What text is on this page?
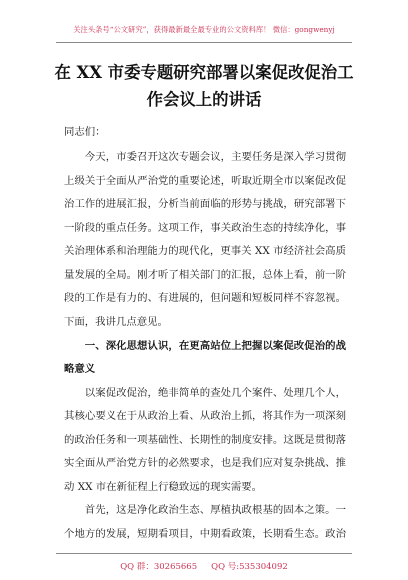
关注头条号“公文研究”，获得最新最全最专业的公文资料库！ 微信：gongwenyj
在 XX 市委专题研究部署以案促改促治工
作会议上的讲话
同志们：
今天，市委召开这次专题会议，主要任务是深入学习贯彻
上级关于全面从严治党的重要论述，听取近期全市以案促改促
治工作的进展汇报，分析当前面临的形势与挑战，研究部署下
一阶段的重点任务。这项工作，事关政治生态的持续净化，事
关治理体系和治理能力的现代化，更事关 XX 市经济社会高质
量发展的全局。刚才听了相关部门的汇报，总体上看，前一阶
段的工作是有力的、有进展的，但问题和短板同样不容忽视。
下面，我讲几点意见。
一、深化思想认识，在更高站位上把握以案促改促治的战
略意义
以案促改促治，绝非简单的查处几个案件、处理几个人，
其核心要义在于从政治上看、从政治上抓，将其作为一项深刻
的政治任务和一项基础性、长期性的制度安排。这既是贯彻落
实全面从严治党方针的必然要求，也是我们应对复杂挑战、推
动 XX 市在新征程上行稳致远的现实需要。
首先，这是净化政治生态、厚植执政根基的固本之策。一
个地方的发展，短期看项目，中期看政策，长期看生态。政治
QQ 群：30265665 QQ 号:535304092
